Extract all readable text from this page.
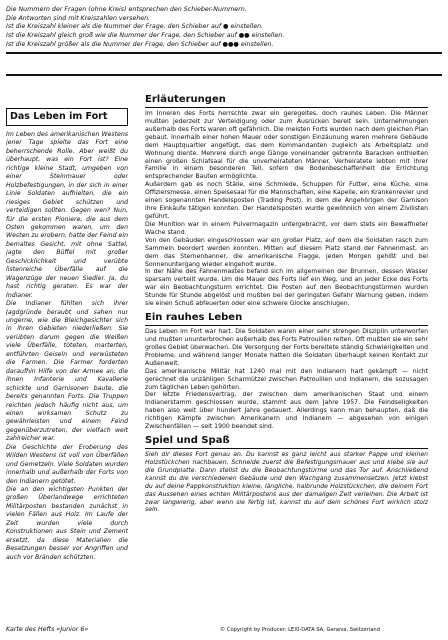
Die Nummern der Fragen (ohne Kreis) entsprechen den Schieber-Nummern.

Die Antworten sind mit Kreiszahlen versehen.

Ist die Kreiszahl kleiner als die Nummer der Frage, den Schieber auf ● einstellen.

Ist die Kreiszahl gleich groß wie die Nummer der Frage, den Schieber auf ●● einstellen.

Ist die Kreiszahl größer als die Nummer der Frage, den Schieber auf ●●● einstellen.

Das Leben im Fort

Im Leben des amerikanischen Westens jener Tage spielte das Fort eine beherrschende Rolle. Aber weißt du überhaupt, was ein Fort ist? Eine richtige kleine Stadt, umgeben von einer Steinmauer oder Holzbefestigungen, in der sich in einer Linie Soldaten aufhielten, die ein riesiges Gebiet schützen und verteidigen sollten. Gegen wen? Nun, für die ersten Pioniere, die aus dem Osten gekommen waren, um den Westen zu erobern, hatte der Feind ein bemaltes Gesicht, mit ohne Sattel, jagte den Büffel mit großer Geschicklichkeit und verübte listenreiche Überfälle auf die Wagenzüge der neuen Siedler. Ja, du hast richtig geraten. Es war der Indianer.

Die Indianer fühlten sich ihrer Jagdgründe beraubt und sahen nur ungerne, wie die Bleichgesichter sich in ihren Gebieten niederließen. Sie verübten darum gegen die Weißen viele Überfälle, töteten, marterten, entführten Geiseln und verwüsteten die Farmen. Die Farmer forderten daraufhin Hilfe von der Armee an, die ihnen Infanterie und Kavallerie schickte und Garnisonen baute, die bereits genannten Forts. Die Truppen reichten jedoch häufig nicht aus, um einen wirksamen Schutz zu gewährleisten und einem Feind gegenüberzutreten, der vielfach weit zahlreicher war.

Die Geschichte der Eroberung des Wilden Westens ist voll von Überfällen und Gemetzeln. Viele Soldaten wurden innerhalb und außerhalb der Forts von den Indianern getötet.

Die an den wichtigsten Punkten der großen Überlandwege errichteten Militärposten bestanden zunächst in vielen Fällen aus Holz. Im Laufe der Zeit wurden viele durch Konstruktionen aus Stein und Zement ersetzt, da diese Materialien die Besatzungen besser vor Angriffen und auch vor Bränden schützten.

Erläuterungen

Im Inneren des Forts herrschte zwar ein geregeltes, doch rauhes Leben. Die Männer mußten jederzeit zur Verteidigung oder zum Ausrücken bereit sein. Unternehmungen außerhalb des Forts waren oft gefährlich. Die meisten Forts wurden nach dem gleichen Plan gebaut. Innerhalb einer hohen Mauer oder sonstigen Einzäunung waren mehrere Gebäude dem Hauptquartier angefügt, das dem Kommandanten zugleich als Arbeitsplatz und Wohnung diente. Mehrere durch enge Gänge voneinander getrennte Baracken enthielten einen großen Schlafsaal für die unverheirateten Männer. Verheiratete lebten mit ihrer Familie in einem besonderen Teil, sofern die Bodenbeschaffenheit die Errichtung entsprechender Bauten ermöglichte.

Außerdem gab es noch Ställe, eine Schmiede, Schuppen für Futter, eine Küche, eine Offiziersmesse, einen Speisesaal für die Mannschaften, eine Kapelle, ein Krankenrevier und einen sogenannten Handelsposten (Trading Post), in dem die Angehörigen der Garnison ihre Einkäufe tätigen konnten. Der Handelsposten wurde gewöhnlich von einem Zivilisten geführt.

Die Munition war in einem Pulvermagazin untergebracht, vor dem stets ein Bewaffneter Wache stand.

Von den Gebäuden eingeschlossen war ein großer Platz, auf dem die Soldaten rasch zum Sammeln beordert werden konnten. Mitten auf diesem Platz stand der Fahnenmast, an dem das Sternenbanner, die amerikanische Flagge, jeden Morgen gehißt und bei Sonnenuntergang wieder eingeholt wurde.

In der Nähe des Fahnenmastes befand sich im allgemeinen der Brunnen, dessen Wasser sparsam verteilt wurde. Um die Mauer des Forts lief ein Weg, und an jeder Ecke des Forts war ein Beobachtungsturm errichtet. Die Posten auf den Beobachtungstürmen wurden Stunde für Stunde abgelöst und mußten bei der geringsten Gefahr Warnung geben, indem sie einen Schuß abfeuerten oder eine schwere Glocke anschlugen.

Ein rauhes Leben

Das Leben im Fort war hart. Die Soldaten waren einer sehr strengen Disziplin unterworfen und mußten ununterbrochen außerhalb des Forts Patrouillen reiten. Oft mußten sie ein sehr großes Gebiet überwachen. Die Versorgung der Forts bereitete ständig Schwierigkeiten und Probleme, und während langer Monate hatten die Soldaten überhaupt keinen Kontakt zur Außenwelt.

Das amerikanische Militär hat 1240 mal mit den Indianern hart gekämpft — nicht gerechnet die unzähligen Scharmützel zwischen Patrouillen und Indianern, die sozusagen zum täglichen Leben gehörten.

Der letzte Friedensvertrag, der zwischen dem amerikanischen Staat und einem Indianerstamm geschlossen wurde, stammt aus dem Jahre 1957. Die Feindseligkeiten haben also weit über hundert Jahre gedauert. Allerdings kann man behaupten, daß die richtigen Kämpfe zwischen Amerikanern und Indianern — abgesehen von einigen Zwischenfällen — seit 1900 beendet sind.

Spiel und Spaß

Sieh dir dieses Fort genau an. Du kannst es ganz leicht aus starker Pappe und kleinen Holzstückchen nachbauen. Schneide zuerst die Befestigungsmauer aus und klebe sie auf die Grundplatte. Dann stellst du die Beobachtungstürme und das Tor auf. Anschließend kannst du die verschiedenen Gebäude und den Wachgang zusammensetzen. Jetzt klebst du auf deine Pappkonstruktion kleine, längliche, halbrunde Holzstückchen, die deinem Fort das Aussehen eines echten Militärpostens aus der damaligen Zeit verleihen. Die Arbeit ist zwar langwierig, aber wenn sie fertig ist, kannst du auf dein schönes Fort wirklich stolz sein.

Karte des Hefts «Junior 6»	© Copyright by Producer: LEXI-DATA SA, Geneva, Switzerland
